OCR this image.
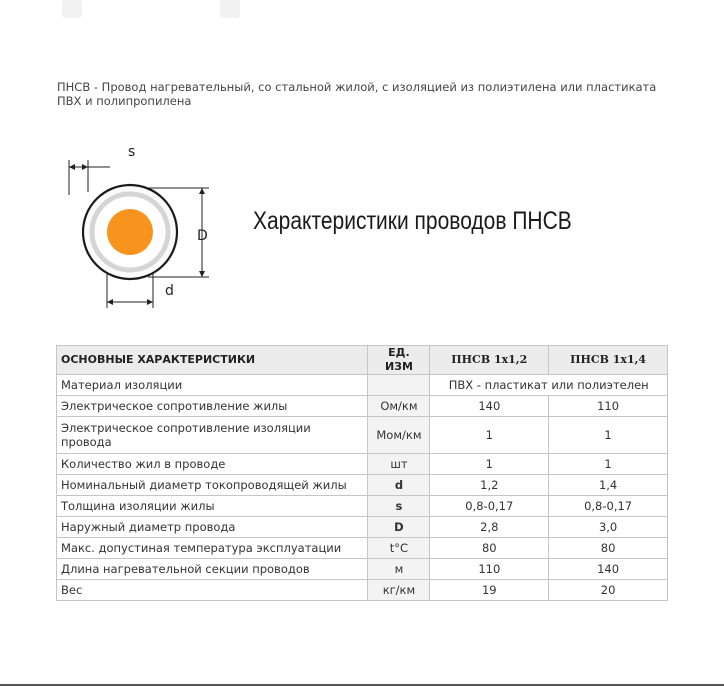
ПНСВ - Провод нагревательный, со стальной жилой, с изоляцией из полиэтилена или пластиката ПВХ и полипропилена
s
D
d
Характеристики проводов ПНСВ
ОСНОВНЫЕ ХАРАКТЕРИСТИКИ	ЕД. ИЗМ	ПНСВ 1х1,2	ПНСВ 1х1,4
Материал изоляции		ПВХ - пластикат или полиэтелен	
Электрическое сопротивление жилы	Ом/км	140	110
Электрическое сопротивление изоляции провода	Мом/км	1	1
Количество жил в проводе	шт	1	1
Номинальный диаметр токопроводящей жилы	d	1,2	1,4
Толщина изоляции жилы	s	0,8-0,17	0,8-0,17
Наружный диаметр провода	D	2,8	3,0
Макс. допустиная температура эксплуатации	t°C	80	80
Длина нагревательной секции проводов	м	110	140
Вес	кг/км	19	20
